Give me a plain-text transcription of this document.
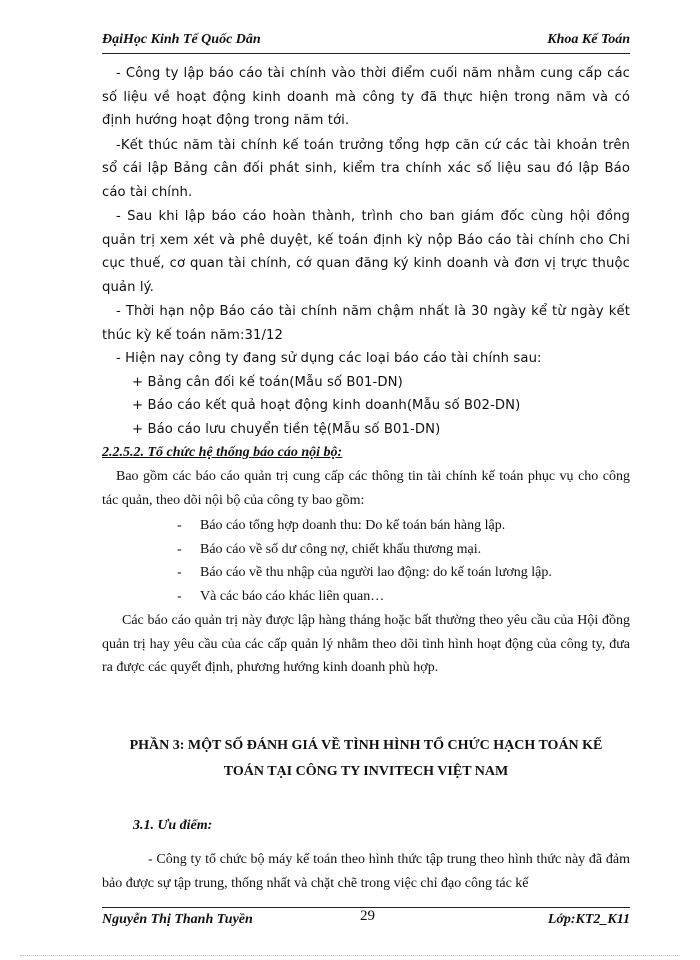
ĐạiHọc Kinh Tế Quốc Dân	Khoa Kế Toán

- Công ty lập báo cáo tài chính vào thời điểm cuối năm nhằm cung cấp các số liệu về hoạt động kinh doanh mà công ty đã thực hiện trong năm và có định hướng hoạt động trong năm tới.

-Kết thúc năm tài chính kế toán trưởng tổng hợp căn cứ các tài khoản trên sổ cái lập Bảng cân đối phát sinh, kiểm tra chính xác số liệu sau đó lập Báo cáo tài chính.

- Sau khi lập báo cáo hoàn thành, trình cho ban giám đốc cùng hội đồng quản trị xem xét và phê duyệt, kế toán định kỳ nộp Báo cáo tài chính cho Chi cục thuế, cơ quan tài chính, cớ quan đăng ký kinh doanh và đơn vị trực thuộc quản lý.

- Thời hạn nộp Báo cáo tài chính năm chậm nhất là 30 ngày kể từ ngày kết thúc kỳ kế toán năm:31/12

- Hiện nay công ty đang sử dụng các loại báo cáo tài chính sau:

+ Bảng cân đối kế toán(Mẫu số B01-DN)
+ Báo cáo kết quả hoạt động kinh doanh(Mẫu số B02-DN)
+ Báo cáo lưu chuyển tiền tệ(Mẫu số B01-DN)
2.2.5.2. Tổ chức hệ thống báo cáo nội bộ:

Bao gồm các báo cáo quản trị cung cấp các thông tin tài chính kế toán phục vụ cho công tác quản, theo dõi nội bộ của công ty bao gồm:

- Báo cáo tổng hợp doanh thu: Do kế toán bán hàng lập.
- Báo cáo về số dư công nợ, chiết khấu thương mại.
- Báo cáo về thu nhập của người lao động: do kế toán lương lập.
- Và các báo cáo khác liên quan…

Các báo cáo quản trị này được lập hàng tháng hoặc bất thường theo yêu cầu của Hội đồng quản trị hay yêu cầu của các cấp quản lý nhằm theo dõi tình hình hoạt động của công ty, đưa ra được các quyết định, phương hướng kinh doanh phù hợp.

PHẦN 3: MỘT SỐ ĐÁNH GIÁ VỀ TÌNH HÌNH TỔ CHỨC HẠCH TOÁN KẾ
TOÁN TẠI CÔNG TY INVITECH VIỆT NAM
3.1. Ưu điểm:

- Công ty tổ chức bộ máy kế toán theo hình thức tập trung theo hình thức này đã đảm bảo được sự tập trung, thống nhất và chặt chẽ trong việc chỉ đạo công tác kế

Nguyễn Thị Thanh Tuyền	29	Lớp:KT2_K11
